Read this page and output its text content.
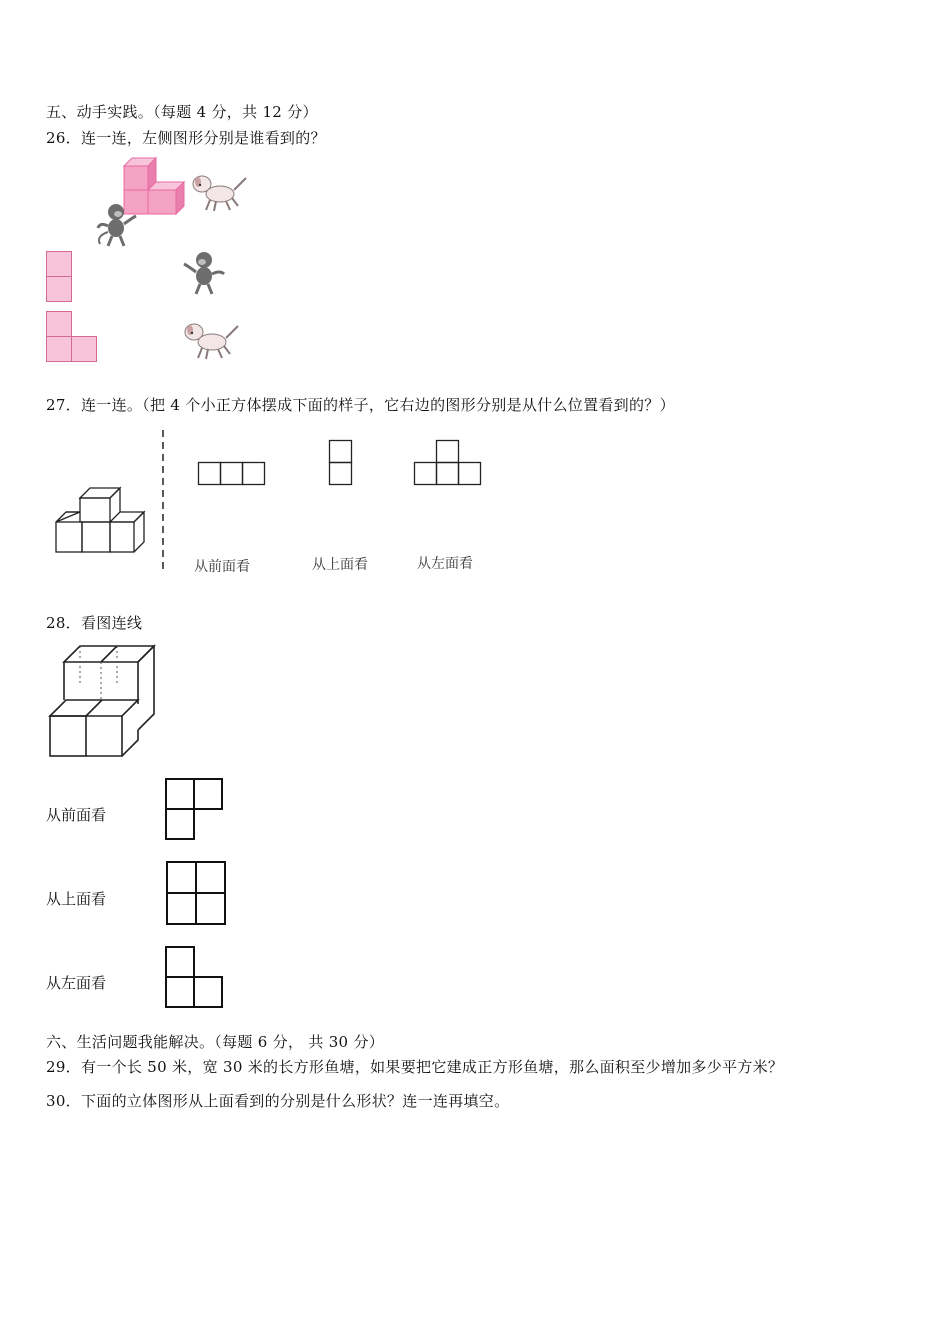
五、动手实践。（每题 4 分，共 12 分）
26．连一连，左侧图形分别是谁看到的？
27．连一连。（把 4 个小正方体摆成下面的样子，它右边的图形分别是从什么位置看到的？）
从前面看	从上面看	从左面看
28．看图连线
从前面看
从上面看
从左面看
六、生活问题我能解决。（每题 6 分， 共 30 分）
29．有一个长 50 米，宽 30 米的长方形鱼塘，如果要把它建成正方形鱼塘，那么面积至少增加多少平方米？
30．下面的立体图形从上面看到的分别是什么形状？连一连再填空。
